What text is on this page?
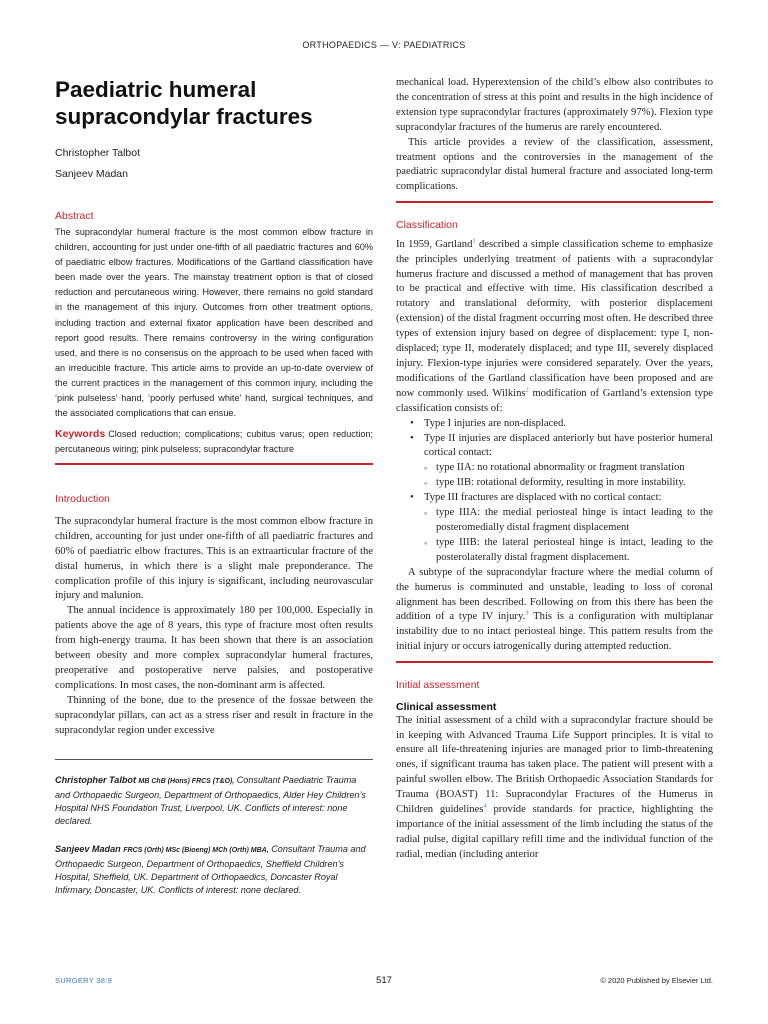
ORTHOPAEDICS — V: PAEDIATRICS
Paediatric humeral
supracondylar fractures
Christopher Talbot
Sanjeev Madan
Abstract

The supracondylar humeral fracture is the most common elbow fracture in children, accounting for just under one-fifth of all paediatric fractures and 60% of paediatric elbow fractures. Modifications of the Gartland classification have been made over the years. The mainstay treatment option is that of closed reduction and percutaneous wiring. However, there remains no gold standard in the management of this injury. Outcomes from other treatment options, including traction and external fixator application have been described and report good results. There remains controversy in the wiring configuration used, and there is no consensus on the approach to be used when faced with an irreducible fracture. This article aims to provide an up-to-date overview of the current practices in the management of this common injury, including the ‘pink pulseless’ hand, ‘poorly perfused white’ hand, surgical techniques, and the associated complications that can ensue.

Keywords Closed reduction; complications; cubitus varus; open reduction; percutaneous wiring; pink pulseless; supracondylar fracture

Introduction

The supracondylar humeral fracture is the most common elbow fracture in children, accounting for just under one-fifth of all paediatric fractures and 60% of paediatric elbow fractures. This is an extraarticular fracture of the distal humerus, in which there is a slight male preponderance. The complication profile of this injury is significant, including neurovascular injury and malunion.

The annual incidence is approximately 180 per 100,000. Especially in patients above the age of 8 years, this type of fracture most often results from high-energy trauma. It has been shown that there is an association between obesity and more complex supracondylar humeral fractures, preoperative and postoperative nerve palsies, and postoperative complications. In most cases, the non-dominant arm is affected.

Thinning of the bone, due to the presence of the fossae between the supracondylar pillars, can act as a stress riser and result in fracture in the supracondylar region under excessive

Christopher Talbot MB ChB (Hons) FRCS (T&O), Consultant Paediatric Trauma and Orthopaedic Surgeon, Department of Orthopaedics, Alder Hey Children’s Hospital NHS Foundation Trust, Liverpool, UK. Conflicts of interest: none declared.

Sanjeev Madan FRCS (Orth) MSc (Bioeng) MCh (Orth) MBA, Consultant Trauma and Orthopaedic Surgeon, Department of Orthopaedics, Sheffield Children’s Hospital, Sheffield, UK. Department of Orthopaedics, Doncaster Royal Infirmary, Doncaster, UK. Conflicts of interest: none declared.

mechanical load. Hyperextension of the child’s elbow also contributes to the concentration of stress at this point and results in the high incidence of extension type supracondylar fractures (approximately 97%). Flexion type supracondylar fractures of the humerus are rarely encountered.

This article provides a review of the classification, assessment, treatment options and the controversies in the management of the paediatric supracondylar distal humeral fracture and associated long-term complications.

Classification

In 1959, Gartland$^1$ described a simple classification scheme to emphasize the principles underlying treatment of patients with a supracondylar humerus fracture and discussed a method of management that has proven to be practical and effective with time. His classification described a rotatory and translational deformity, with posterior displacement (extension) of the distal fragment occurring most often. He described three types of extension injury based on degree of displacement: type I, non-displaced; type II, moderately displaced; and type III, severely displaced injury. Flexion-type injuries were considered separately. Over the years, modifications of the Gartland classification have been proposed and are now commonly used. Wilkins$^2$ modification of Gartland’s extension type classification consists of:

• Type I injuries are non-displaced.
• Type II injuries are displaced anteriorly but have posterior humeral cortical contact:
◦ type IIA: no rotational abnormality or fragment translation
◦ type IIB: rotational deformity, resulting in more instability.
• Type III fractures are displaced with no cortical contact:
◦ type IIIA: the medial periosteal hinge is intact leading to the posteromedially distal fragment displacement
◦ type IIIB: the lateral periosteal hinge is intact, leading to the posterolaterally distal fragment displacement.

A subtype of the supracondylar fracture where the medial column of the humerus is comminuted and unstable, leading to loss of coronal alignment has been described. Following on from this there has been the addition of a type IV injury.$^3$ This is a configuration with multiplanar instability due to no intact periosteal hinge. This pattern results from the initial injury or occurs iatrogenically during attempted reduction.

Initial assessment
Clinical assessment

The initial assessment of a child with a supracondylar fracture should be in keeping with Advanced Trauma Life Support principles. It is vital to ensure all life-threatening injuries are managed prior to limb-threatening ones, if significant trauma has taken place. The patient will present with a painful swollen elbow. The British Orthopaedic Association Standards for Trauma (BOAST) 11: Supracondylar Fractures of the Humerus in Children guidelines$^4$ provide standards for practice, highlighting the importance of the initial assessment of the limb including the status of the radial pulse, digital capillary refill time and the individual function of the radial, median (including anterior

SURGERY 38:9	517	© 2020 Published by Elsevier Ltd.
